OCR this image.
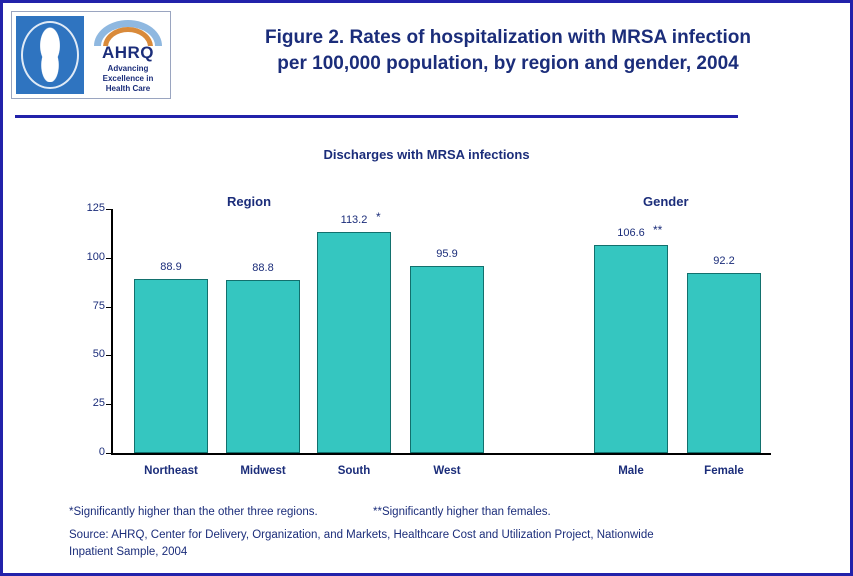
AHRQ
Advancing
Excellence in
Health Care
Figure 2. Rates of hospitalization with MRSA infection
per 100,000 population, by region and gender, 2004
Discharges with MRSA infections
Region	Gender
0
25
50
75
100
125
88.9
Northeast
88.8
Midwest
113.2 *
South
95.9
West
106.6 **
Male
92.2
Female
*Significantly higher than the other three regions.	**Significantly higher than females.
Source: AHRQ, Center for Delivery, Organization, and Markets, Healthcare Cost and Utilization Project, Nationwide
Inpatient Sample, 2004
